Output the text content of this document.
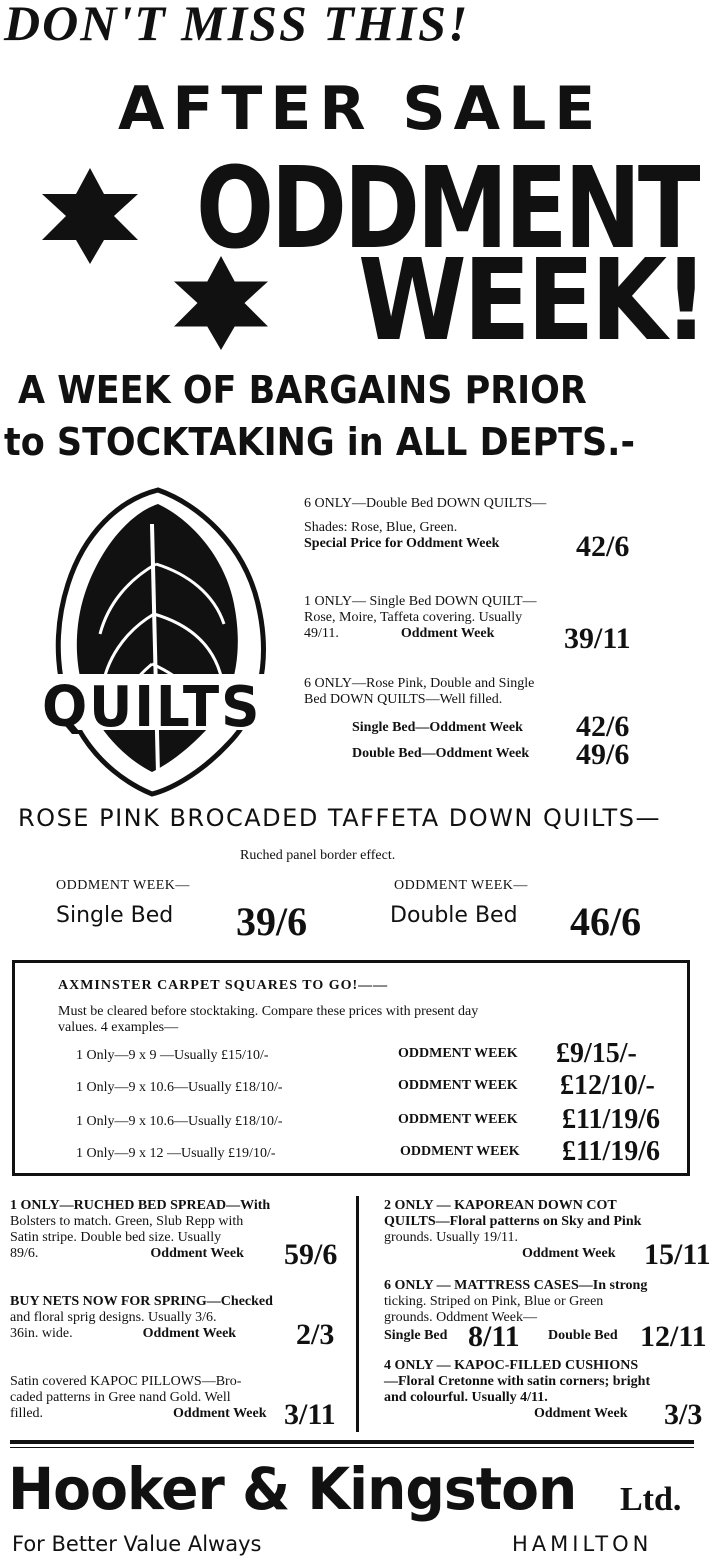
DON'T MISS THIS!
AFTER SALE
ODDMENT
WEEK!
A WEEK OF BARGAINS PRIOR
to STOCKTAKING in ALL DEPTS.-
QUILTS
6 ONLY—Double Bed DOWN QUILTS—
Shades: Rose, Blue, Green.
Special Price for Oddment Week	42/6
1 ONLY— Single Bed DOWN QUILT—
Rose, Moire, Taffeta covering. Usually
49/11.	Oddment Week	39/11
6 ONLY—Rose Pink, Double and Single
Bed DOWN QUILTS—Well filled.
Single Bed—Oddment Week 42/6
Double Bed—Oddment Week 49/6
ROSE PINK BROCADED TAFFETA DOWN QUILTS—
Ruched panel border effect.
ODDMENT WEEK—
Single Bed 39/6
ODDMENT WEEK—
Double Bed 46/6
AXMINSTER CARPET SQUARES TO GO!——
Must be cleared before stocktaking. Compare these prices with present day
values. 4 examples—
1 Only—9 x 9 —Usually £15/10/-	ODDMENT WEEK £9/15/-
1 Only—9 x 10.6—Usually £18/10/-	ODDMENT WEEK £12/10/-
1 Only—9 x 10.6—Usually £18/10/-	ODDMENT WEEK £11/19/6
1 Only—9 x 12 —Usually £19/10/-	ODDMENT WEEK £11/19/6
1 ONLY—RUCHED BED SPREAD—With
Bolsters to match. Green, Slub Repp with
Satin stripe. Double bed size. Usually
89/6.	Oddment Week	59/6
BUY NETS NOW FOR SPRING—Checked
and floral sprig designs. Usually 3/6.
36in. wide.	Oddment Week	2/3
Satin covered KAPOC PILLOWS—Bro-
caded patterns in Gree nand Gold. Well
filled.	Oddment Week 3/11
2 ONLY — KAPOREAN DOWN COT
QUILTS—Floral patterns on Sky and Pink
grounds. Usually 19/11.
Oddment Week 15/11
6 ONLY — MATTRESS CASES—In strong
ticking. Striped on Pink, Blue or Green
grounds. Oddment Week—
Single Bed 8/11 Double Bed 12/11
4 ONLY — KAPOC-FILLED CUSHIONS
—Floral Cretonne with satin corners; bright
and colourful. Usually 4/11.
Oddment Week 3/3
Hooker & Kingston Ltd.
For Better Value Always	HAMILTON
